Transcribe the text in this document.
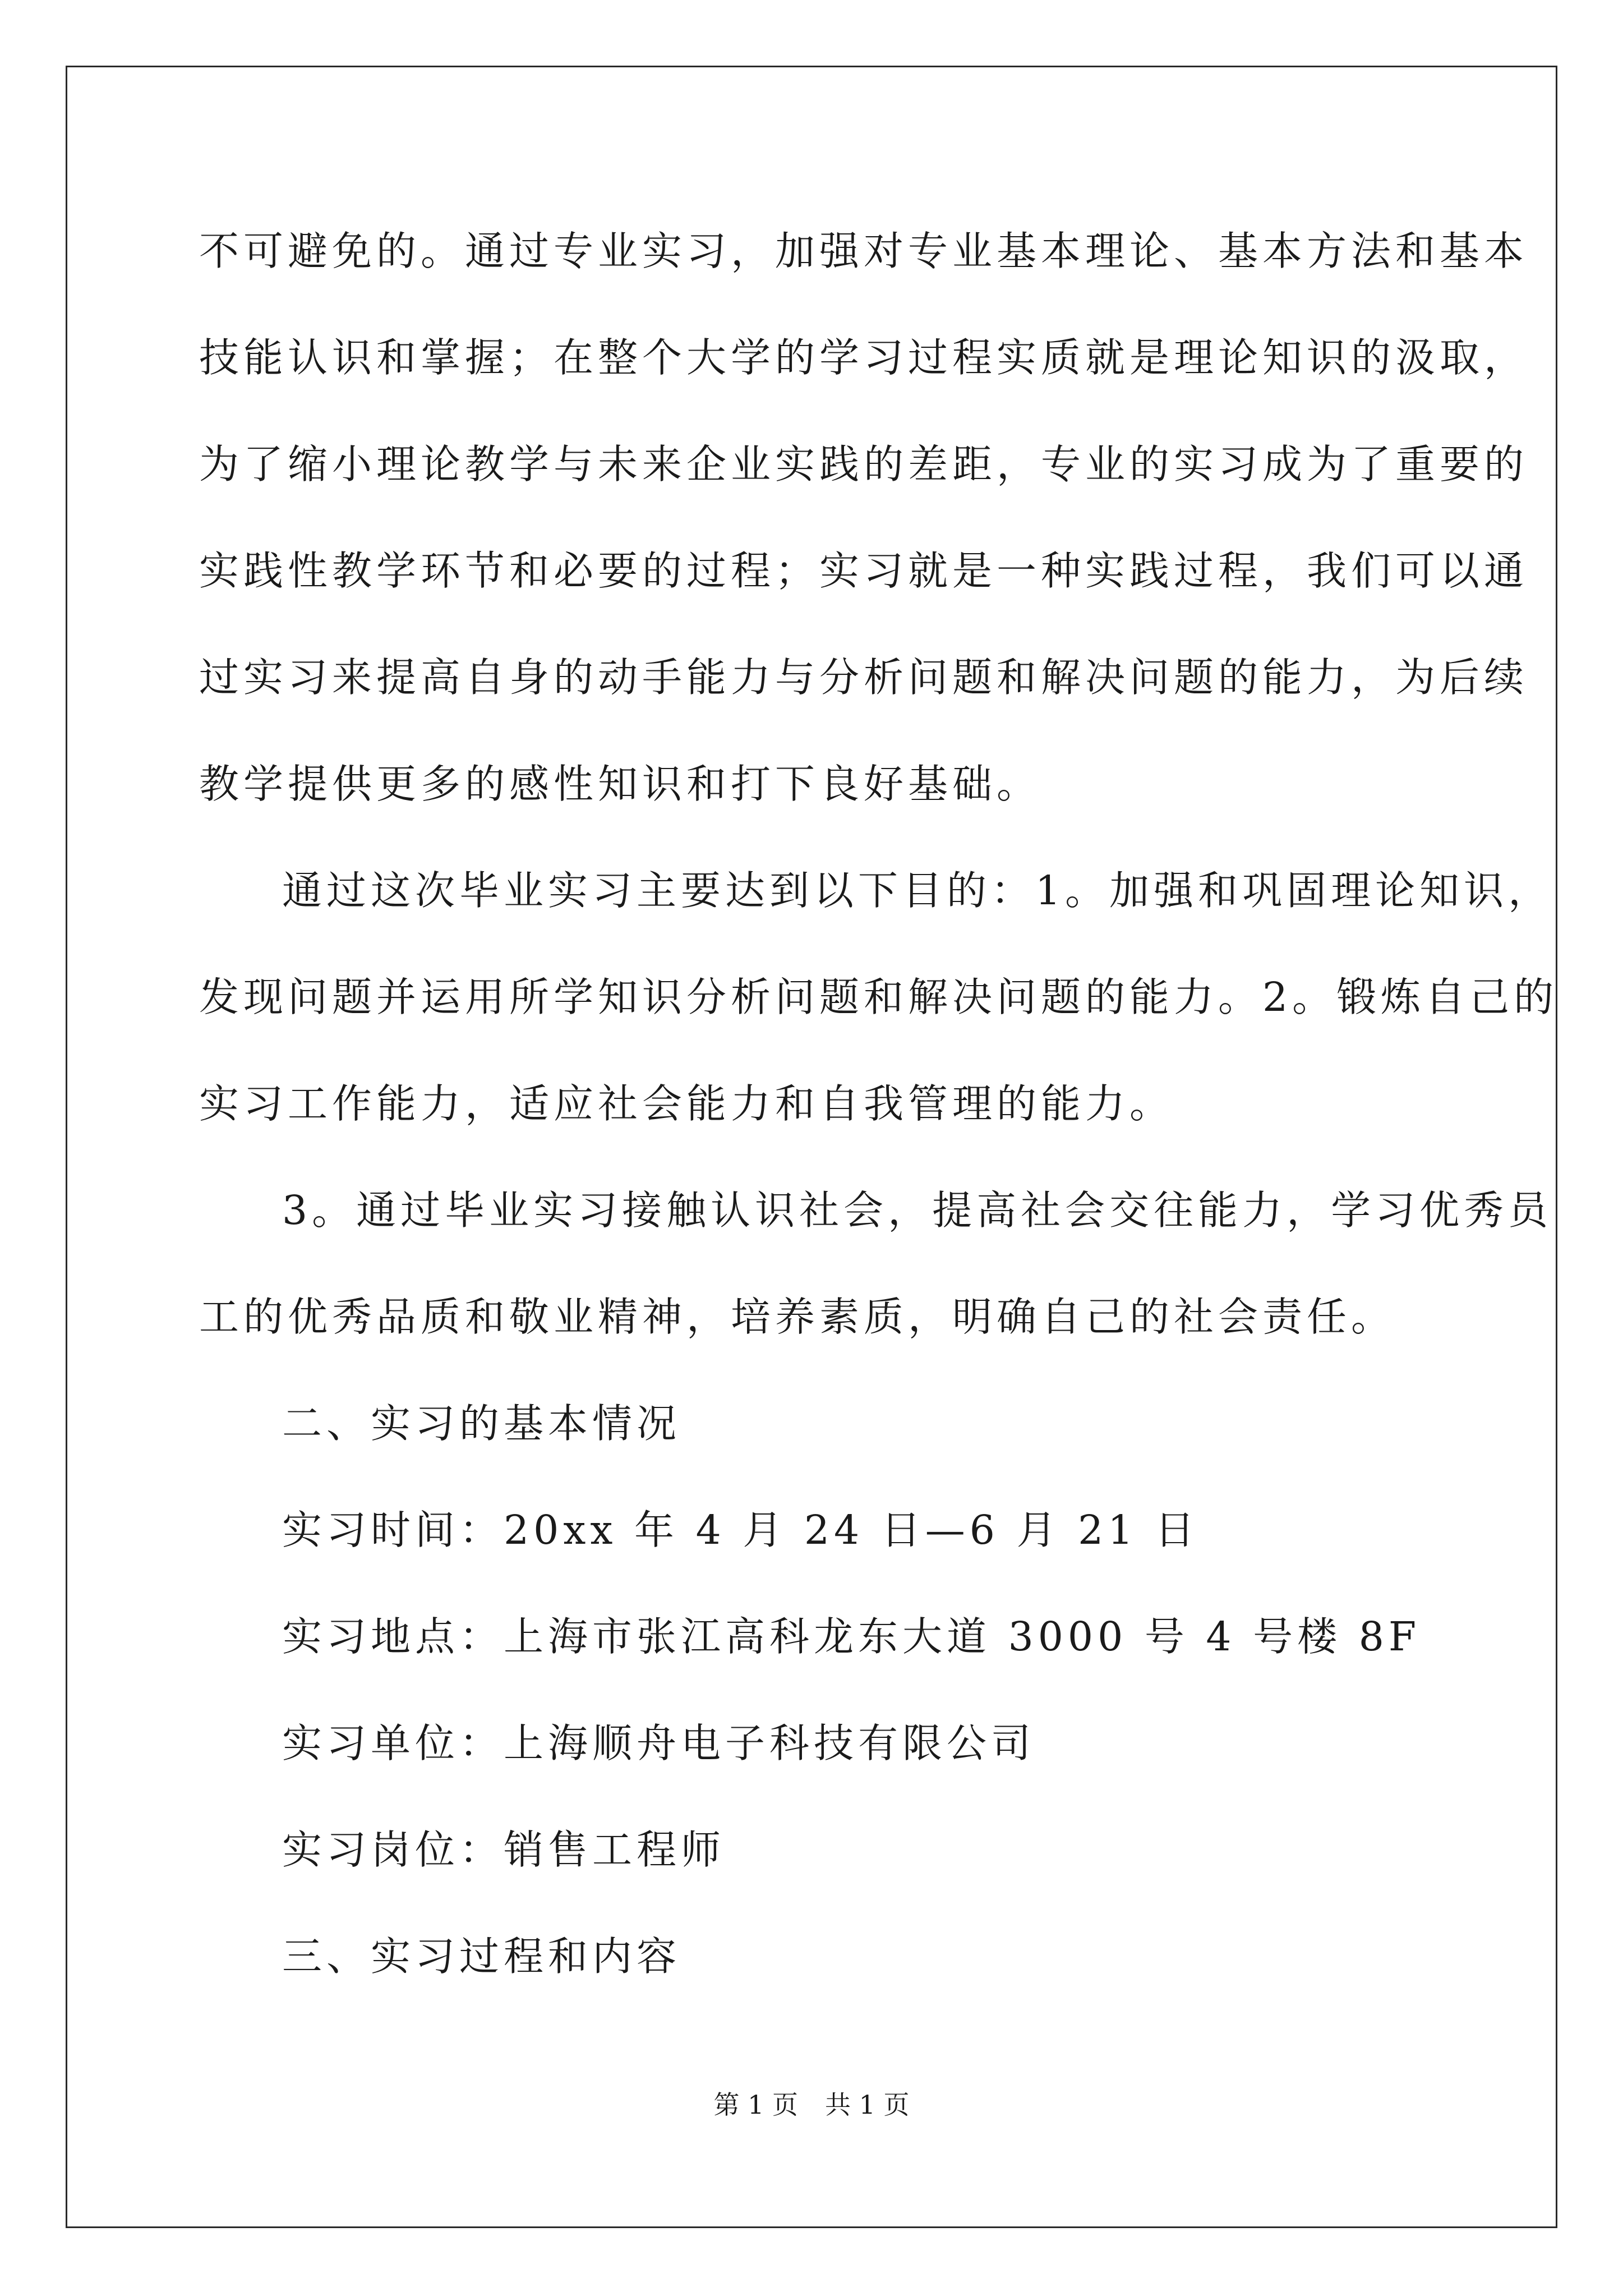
不可避免的。通过专业实习，加强对专业基本理论、基本方法和基本
技能认识和掌握；在整个大学的学习过程实质就是理论知识的汲取，
为了缩小理论教学与未来企业实践的差距，专业的实习成为了重要的
实践性教学环节和必要的过程；实习就是一种实践过程，我们可以通
过实习来提高自身的动手能力与分析问题和解决问题的能力，为后续
教学提供更多的感性知识和打下良好基础。
通过这次毕业实习主要达到以下目的：1。加强和巩固理论知识，
发现问题并运用所学知识分析问题和解决问题的能力。2。锻炼自己的
实习工作能力，适应社会能力和自我管理的能力。
3。通过毕业实习接触认识社会，提高社会交往能力，学习优秀员
工的优秀品质和敬业精神，培养素质，明确自己的社会责任。
二、实习的基本情况
实习时间：20xx 年 4 月 24 日—6 月 21 日
实习地点：上海市张江高科龙东大道 3000 号 4 号楼 8F
实习单位：上海顺舟电子科技有限公司
实习岗位：销售工程师
三、实习过程和内容
第 1 页 共 1 页
